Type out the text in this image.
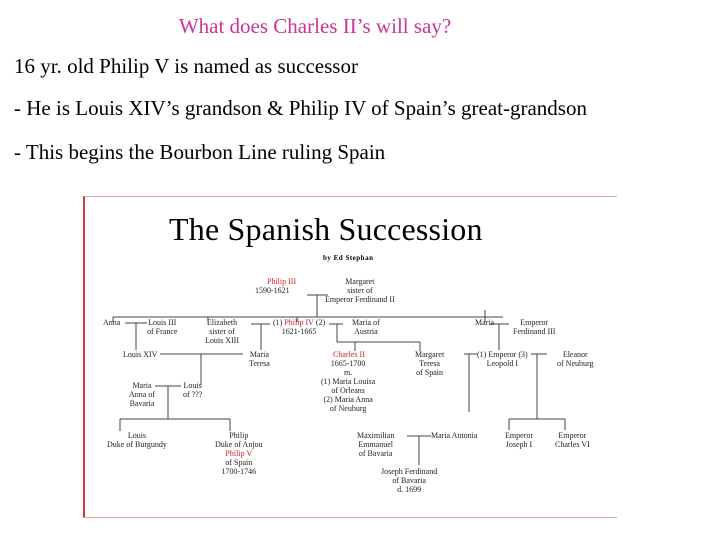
What does Charles II’s will say?
16 yr. old Philip V is named as successor
- He is Louis XIV’s grandson & Philip IV of Spain’s great-grandson
- This begins the Bourbon Line ruling Spain
The Spanish Succession
by Ed Stephan
Philip III
1590-1621
Margaret
sister of
Emperor Ferdinand II
Anna	Louis III
of France
Elizabeth
sister of
Louis XIII
(1) Philip IV (2)
1621-1665
Maria of
Austria
Maria	Emperor
Ferdinand III
Louis XIV	Maria
Teresa
Charles II
1665-1700
m.
(1) Maria Louisa
of Orleans
(2) Maria Anna
of Neuburg
Margaret
Teresa
of Spain
(1) Emperor (3)
Leopold I
Eleanor
of Neuburg
Maria
Anna of
Bavaria
Louis
of ???
Louis
Duke of Burgundy
Philip
Duke of Anjou
Philip V
of Spain
1700-1746
Maximilian
Emmanuel
of Bavaria
Maria Antonia	Emperor
Joseph I
Emperor
Charles VI
Joseph Ferdinand
of Bavaria
d. 1699
